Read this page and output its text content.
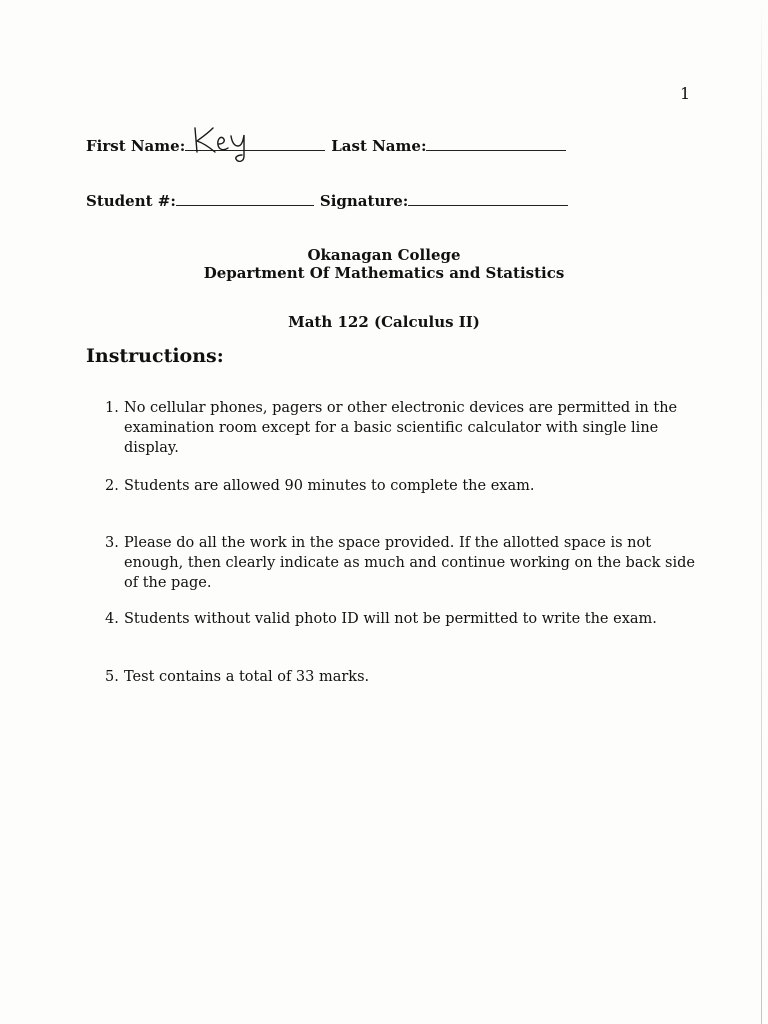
1
First Name:	Last Name:
Student #:	Signature:
Okanagan College
Department Of Mathematics and Statistics
Math 122 (Calculus II)
Instructions:
1. No cellular phones, pagers or other electronic devices are permitted in the examination room except for a basic scientific calculator with single line display.
2. Students are allowed 90 minutes to complete the exam.
3. Please do all the work in the space provided. If the allotted space is not enough, then clearly indicate as much and continue working on the back side of the page.
4. Students without valid photo ID will not be permitted to write the exam.
5. Test contains a total of 33 marks.
